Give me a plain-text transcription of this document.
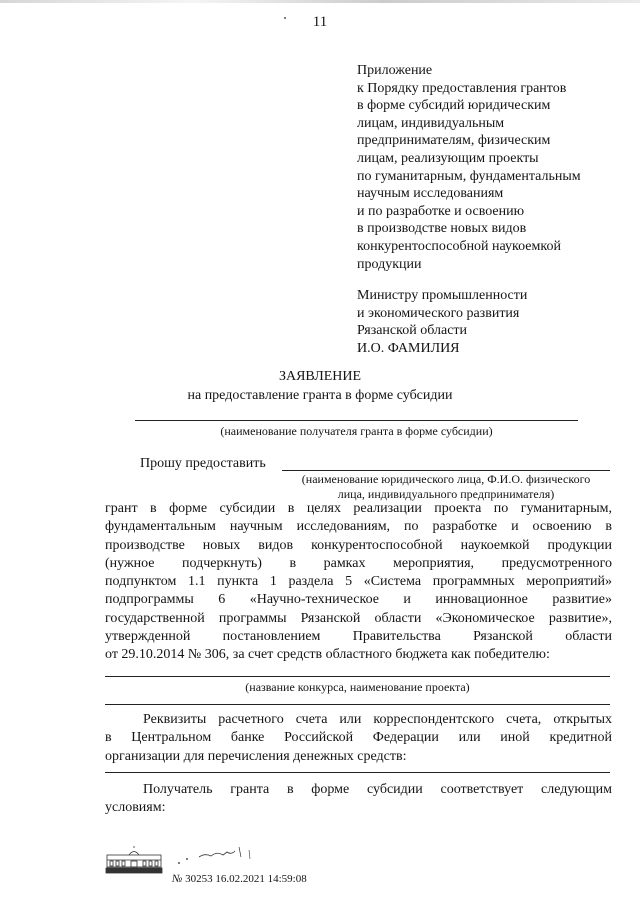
11
Приложение
к Порядку предоставления грантов
в форме субсидий юридическим
лицам, индивидуальным
предпринимателям, физическим
лицам, реализующим проекты
по гуманитарным, фундаментальным
научным исследованиям
и по разработке и освоению
в производстве новых видов
конкурентоспособной наукоемкой
продукции
Министру промышленности
и экономического развития
Рязанской области
И.О. ФАМИЛИЯ
ЗАЯВЛЕНИЕ
на предоставление гранта в форме субсидии
(наименование получателя гранта в форме субсидии)
Прошу предоставить
(наименование юридического лица, Ф.И.О. физического
лица, индивидуального предпринимателя)
грант в форме субсидии в целях реализации проекта по гуманитарным,
фундаментальным научным исследованиям, по разработке и освоению в
производстве новых видов конкурентоспособной наукоемкой продукции
(нужное подчеркнуть) в рамках мероприятия, предусмотренного
подпунктом 1.1 пункта 1 раздела 5 «Система программных мероприятий»
подпрограммы 6 «Научно-техническое и инновационное развитие»
государственной программы Рязанской области «Экономическое развитие»,
утвержденной постановлением Правительства Рязанской области
от 29.10.2014 № 306, за счет средств областного бюджета как победителю:
(название конкурса, наименование проекта)
Реквизиты расчетного счета или корреспондентского счета, открытых
в Центральном банке Российской Федерации или иной кредитной
организации для перечисления денежных средств:
Получатель гранта в форме субсидии соответствует следующим
условиям:
№ 30253 16.02.2021 14:59:08
